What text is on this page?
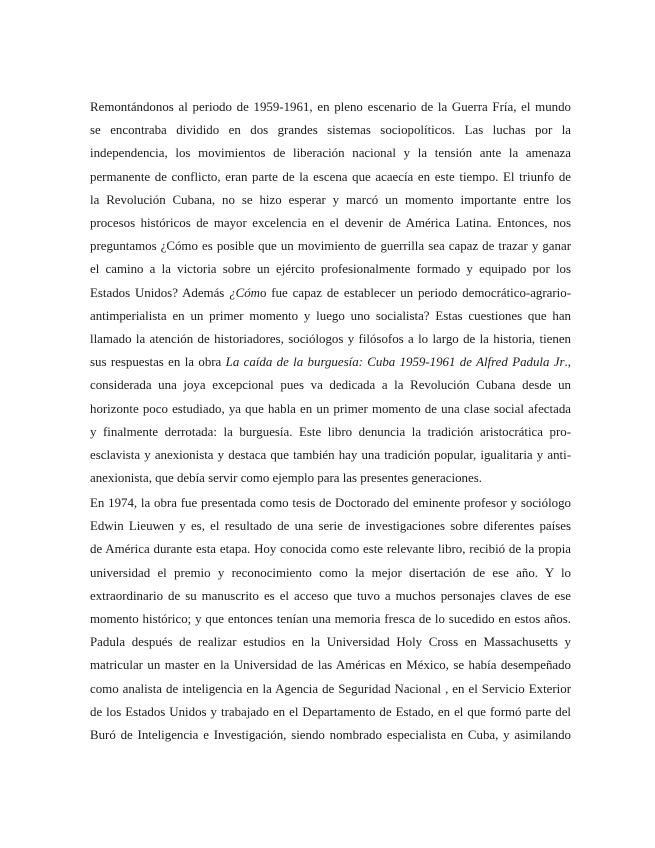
Remontándonos al periodo de 1959-1961, en pleno escenario de la Guerra Fría, el mundo
se encontraba dividido en dos grandes sistemas sociopolíticos. Las luchas por la
independencia, los movimientos de liberación nacional y la tensión ante la amenaza
permanente de conflicto, eran parte de la escena que acaecía en este tiempo. El triunfo de
la Revolución Cubana, no se hizo esperar y marcó un momento importante entre los
procesos históricos de mayor excelencia en el devenir de América Latina. Entonces, nos
preguntamos ¿Cómo es posible que un movimiento de guerrilla sea capaz de trazar y ganar
el camino a la victoria sobre un ejército profesionalmente formado y equipado por los
Estados Unidos? Además ¿Cómo fue capaz de establecer un periodo democrático-agrario-
antimperialista en un primer momento y luego uno socialista? Estas cuestiones que han
llamado la atención de historiadores, sociólogos y filósofos a lo largo de la historia, tienen
sus respuestas en la obra La caída de la burguesía: Cuba 1959-1961 de Alfred Padula Jr.,
considerada una joya excepcional pues va dedicada a la Revolución Cubana desde un
horizonte poco estudiado, ya que habla en un primer momento de una clase social afectada
y finalmente derrotada: la burguesía. Este libro denuncia la tradición aristocrática pro-
esclavista y anexionista y destaca que también hay una tradición popular, igualitaria y anti-
anexionista, que debía servir como ejemplo para las presentes generaciones.
En 1974, la obra fue presentada como tesis de Doctorado del eminente profesor y sociólogo
Edwin Lieuwen y es, el resultado de una serie de investigaciones sobre diferentes países
de América durante esta etapa. Hoy conocida como este relevante libro, recibió de la propia
universidad el premio y reconocimiento como la mejor disertación de ese año. Y lo
extraordinario de su manuscrito es el acceso que tuvo a muchos personajes claves de ese
momento histórico; y que entonces tenían una memoria fresca de lo sucedido en estos años.
Padula después de realizar estudios en la Universidad Holy Cross en Massachusetts y
matricular un master en la Universidad de las Américas en México, se había desempeñado
como analista de inteligencia en la Agencia de Seguridad Nacional , en el Servicio Exterior
de los Estados Unidos y trabajado en el Departamento de Estado, en el que formó parte del
Buró de Inteligencia e Investigación, siendo nombrado especialista en Cuba, y asimilando
